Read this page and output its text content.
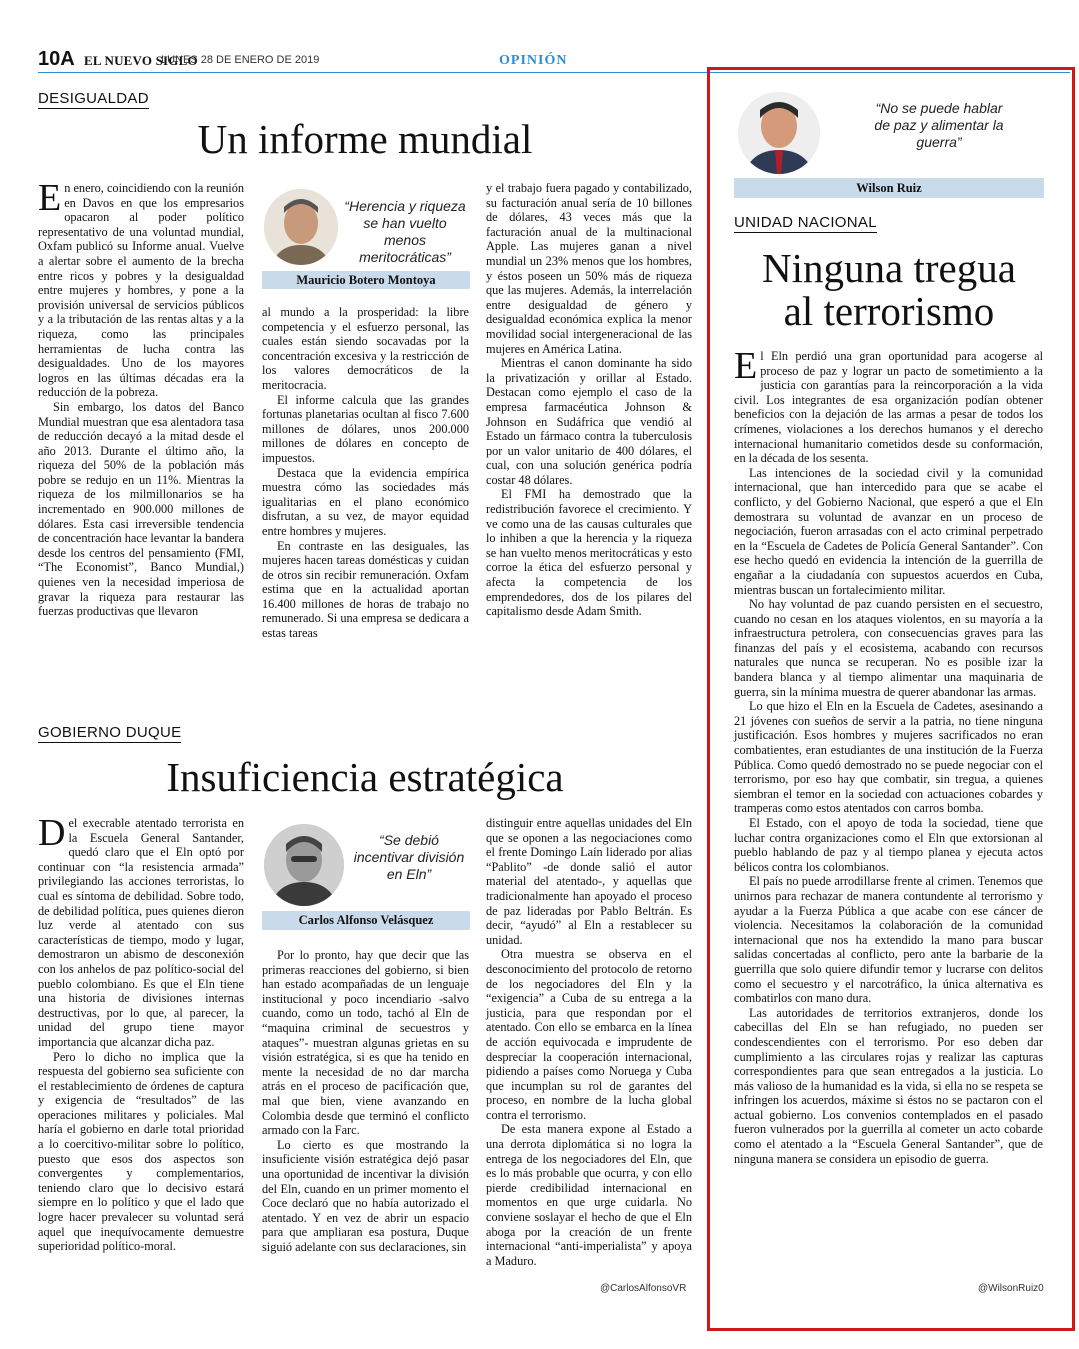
10A EL NUEVO SIGLO
LUNES 28 DE ENERO DE 2019	OPINIÓN
DESIGUALDAD
Un informe mundial

En enero, coincidiendo con la reunión en Davos en que los empresarios opacaron al poder político representativo de una voluntad mundial, Oxfam publicó su Informe anual. Vuelve a alertar sobre el aumento de la brecha entre ricos y pobres y la desigualdad entre mujeres y hombres, y pone a la provisión universal de servicios públicos y a la tributación de las rentas altas y a la riqueza, como las principales herramientas de lucha contra las desigualdades. Uno de los mayores logros en las últimas décadas era la reducción de la pobreza.

Sin embargo, los datos del Banco Mundial muestran que esa alentadora tasa de reducción decayó a la mitad desde el año 2013. Durante el último año, la riqueza del 50% de la población más pobre se redujo en un 11%. Mientras la riqueza de los milmillonarios se ha incrementado en 900.000 millones de dólares. Esta casi irreversible tendencia de concentración hace levantar la bandera desde los centros del pensamiento (FMI, “The Economist”, Banco Mundial,) quienes ven la necesidad imperiosa de gravar la riqueza para restaurar las fuerzas productivas que llevaron

“Herencia y riqueza se han vuelto menos meritocráticas”
Mauricio Botero Montoya

al mundo a la prosperidad: la libre competencia y el esfuerzo personal, las cuales están siendo socavadas por la concentración excesiva y la restricción de los valores democráticos de la meritocracia.

El informe calcula que las grandes fortunas planetarias ocultan al fisco 7.600 millones de dólares, unos 200.000 millones de dólares en concepto de impuestos.

Destaca que la evidencia empírica muestra cómo las sociedades más igualitarias en el plano económico disfrutan, a su vez, de mayor equidad entre hombres y mujeres.

En contraste en las desiguales, las mujeres hacen tareas domésticas y cuidan de otros sin recibir remuneración. Oxfam estima que en la actualidad aportan 16.400 millones de horas de trabajo no remunerado. Si una empresa se dedicara a estas tareas

y el trabajo fuera pagado y contabilizado, su facturación anual sería de 10 billones de dólares, 43 veces más que la facturación anual de la multinacional Apple. Las mujeres ganan a nivel mundial un 23% menos que los hombres, y éstos poseen un 50% más de riqueza que las mujeres. Además, la interrelación entre desigualdad de género y desigualdad económica explica la menor movilidad social intergeneracional de las mujeres en América Latina.

Mientras el canon dominante ha sido la privatización y orillar al Estado. Destacan como ejemplo el caso de la empresa farmacéutica Johnson & Johnson en Sudáfrica que vendió al Estado un fármaco contra la tuberculosis por un valor unitario de 400 dólares, el cual, con una solución genérica podría costar 48 dólares.

El FMI ha demostrado que la redistribución favorece el crecimiento. Y ve como una de las causas culturales que lo inhiben a que la herencia y la riqueza se han vuelto menos meritocráticas y esto corroe la ética del esfuerzo personal y afecta la competencia de los emprendedores, dos de los pilares del capitalismo desde Adam Smith.

GOBIERNO DUQUE
Insuficiencia estratégica

Del execrable atentado terrorista en la Escuela General Santander, quedó claro que el Eln optó por continuar con “la resistencia armada” privilegiando las acciones terroristas, lo cual es síntoma de debilidad. Sobre todo, de debilidad política, pues quienes dieron luz verde al atentado con sus características de tiempo, modo y lugar, demostraron un abismo de desconexión con los anhelos de paz político-social del pueblo colombiano. Es que el Eln tiene una historia de divisiones internas destructivas, por lo que, al parecer, la unidad del grupo tiene mayor importancia que alcanzar dicha paz.

Pero lo dicho no implica que la respuesta del gobierno sea suficiente con el restablecimiento de órdenes de captura y exigencia de “resultados” de las operaciones militares y policiales. Mal haría el gobierno en darle total prioridad a lo coercitivo-militar sobre lo político, puesto que esos dos aspectos son convergentes y complementarios, teniendo claro que lo decisivo estará siempre en lo político y que el lado que logre hacer prevalecer su voluntad será aquel que inequívocamente demuestre superioridad político-moral.

“Se debió incentivar división en Eln”
Carlos Alfonso Velásquez

Por lo pronto, hay que decir que las primeras reacciones del gobierno, si bien han estado acompañadas de un lenguaje institucional y poco incendiario -salvo cuando, como un todo, tachó al Eln de “maquina criminal de secuestros y ataques”- muestran algunas grietas en su visión estratégica, si es que ha tenido en mente la necesidad de no dar marcha atrás en el proceso de pacificación que, mal que bien, viene avanzando en Colombia desde que terminó el conflicto armado con la Farc.

Lo cierto es que mostrando la insuficiente visión estratégica dejó pasar una oportunidad de incentivar la división del Eln, cuando en un primer momento el Coce declaró que no había autorizado el atentado. Y en vez de abrir un espacio para que ampliaran esa postura, Duque siguió adelante con sus declaraciones, sin

distinguir entre aquellas unidades del Eln que se oponen a las negociaciones como el frente Domingo Laín liderado por alias “Pablito” -de donde salió el autor material del atentado-, y aquellas que tradicionalmente han apoyado el proceso de paz lideradas por Pablo Beltrán. Es decir, “ayudó” al Eln a restablecer su unidad.

Otra muestra se observa en el desconocimiento del protocolo de retorno de los negociadores del Eln y la “exigencia” a Cuba de su entrega a la justicia, para que respondan por el atentado. Con ello se embarca en la línea de acción equivocada e imprudente de despreciar la cooperación internacional, pidiendo a países como Noruega y Cuba que incumplan su rol de garantes del proceso, en nombre de la lucha global contra el terrorismo.

De esta manera expone al Estado a una derrota diplomática si no logra la entrega de los negociadores del Eln, que es lo más probable que ocurra, y con ello pierde credibilidad internacional en momentos en que urge cuidarla. No conviene soslayar el hecho de que el Eln aboga por la creación de un frente internacional “anti-imperialista” y apoya a Maduro.

@CarlosAlfonsoVR
“No se puede hablar de paz y alimentar la guerra”
Wilson Ruiz
UNIDAD NACIONAL
Ninguna tregua
al terrorismo

El Eln perdió una gran oportunidad para acogerse al proceso de paz y lograr un pacto de sometimiento a la justicia con garantías para la reincorporación a la vida civil. Los integrantes de esa organización podían obtener beneficios con la dejación de las armas a pesar de todos los crímenes, violaciones a los derechos humanos y el derecho internacional humanitario cometidos desde su conformación, en la década de los sesenta.

Las intenciones de la sociedad civil y la comunidad internacional, que han intercedido para que se acabe el conflicto, y del Gobierno Nacional, que esperó a que el Eln demostrara su voluntad de avanzar en un proceso de negociación, fueron arrasadas con el acto criminal perpetrado en la “Escuela de Cadetes de Policía General Santander”. Con ese hecho quedó en evidencia la intención de la guerrilla de engañar a la ciudadanía con supuestos acuerdos en Cuba, mientras buscan un fortalecimiento militar.

No hay voluntad de paz cuando persisten en el secuestro, cuando no cesan en los ataques violentos, en su mayoría a la infraestructura petrolera, con consecuencias graves para las finanzas del país y el ecosistema, acabando con recursos naturales que nunca se recuperan. No es posible izar la bandera blanca y al tiempo alimentar una maquinaria de guerra, sin la mínima muestra de querer abandonar las armas.

Lo que hizo el Eln en la Escuela de Cadetes, asesinando a 21 jóvenes con sueños de servir a la patria, no tiene ninguna justificación. Esos hombres y mujeres sacrificados no eran combatientes, eran estudiantes de una institución de la Fuerza Pública. Como quedó demostrado no se puede negociar con el terrorismo, por eso hay que combatir, sin tregua, a quienes siembran el temor en la sociedad con actuaciones cobardes y tramperas como estos atentados con carros bomba.

El Estado, con el apoyo de toda la sociedad, tiene que luchar contra organizaciones como el Eln que extorsionan al pueblo hablando de paz y al tiempo planea y ejecuta actos bélicos contra los colombianos.

El país no puede arrodillarse frente al crimen. Tenemos que unirnos para rechazar de manera contundente al terrorismo y ayudar a la Fuerza Pública a que acabe con ese cáncer de violencia. Necesitamos la colaboración de la comunidad internacional que nos ha extendido la mano para buscar salidas concertadas al conflicto, pero ante la barbarie de la guerrilla que solo quiere difundir temor y lucrarse con delitos como el secuestro y el narcotráfico, la única alternativa es combatirlos con mano dura.

Las autoridades de territorios extranjeros, donde los cabecillas del Eln se han refugiado, no pueden ser condescendientes con el terrorismo. Por eso deben dar cumplimiento a las circulares rojas y realizar las capturas correspondientes para que sean entregados a la justicia. Lo más valioso de la humanidad es la vida, si ella no se respeta se infringen los acuerdos, máxime si éstos no se pactaron con el actual gobierno. Los convenios contemplados en el pasado fueron vulnerados por la guerrilla al cometer un acto cobarde como el atentado a la “Escuela General Santander”, que de ninguna manera se considera un episodio de guerra.

@WilsonRuiz0
